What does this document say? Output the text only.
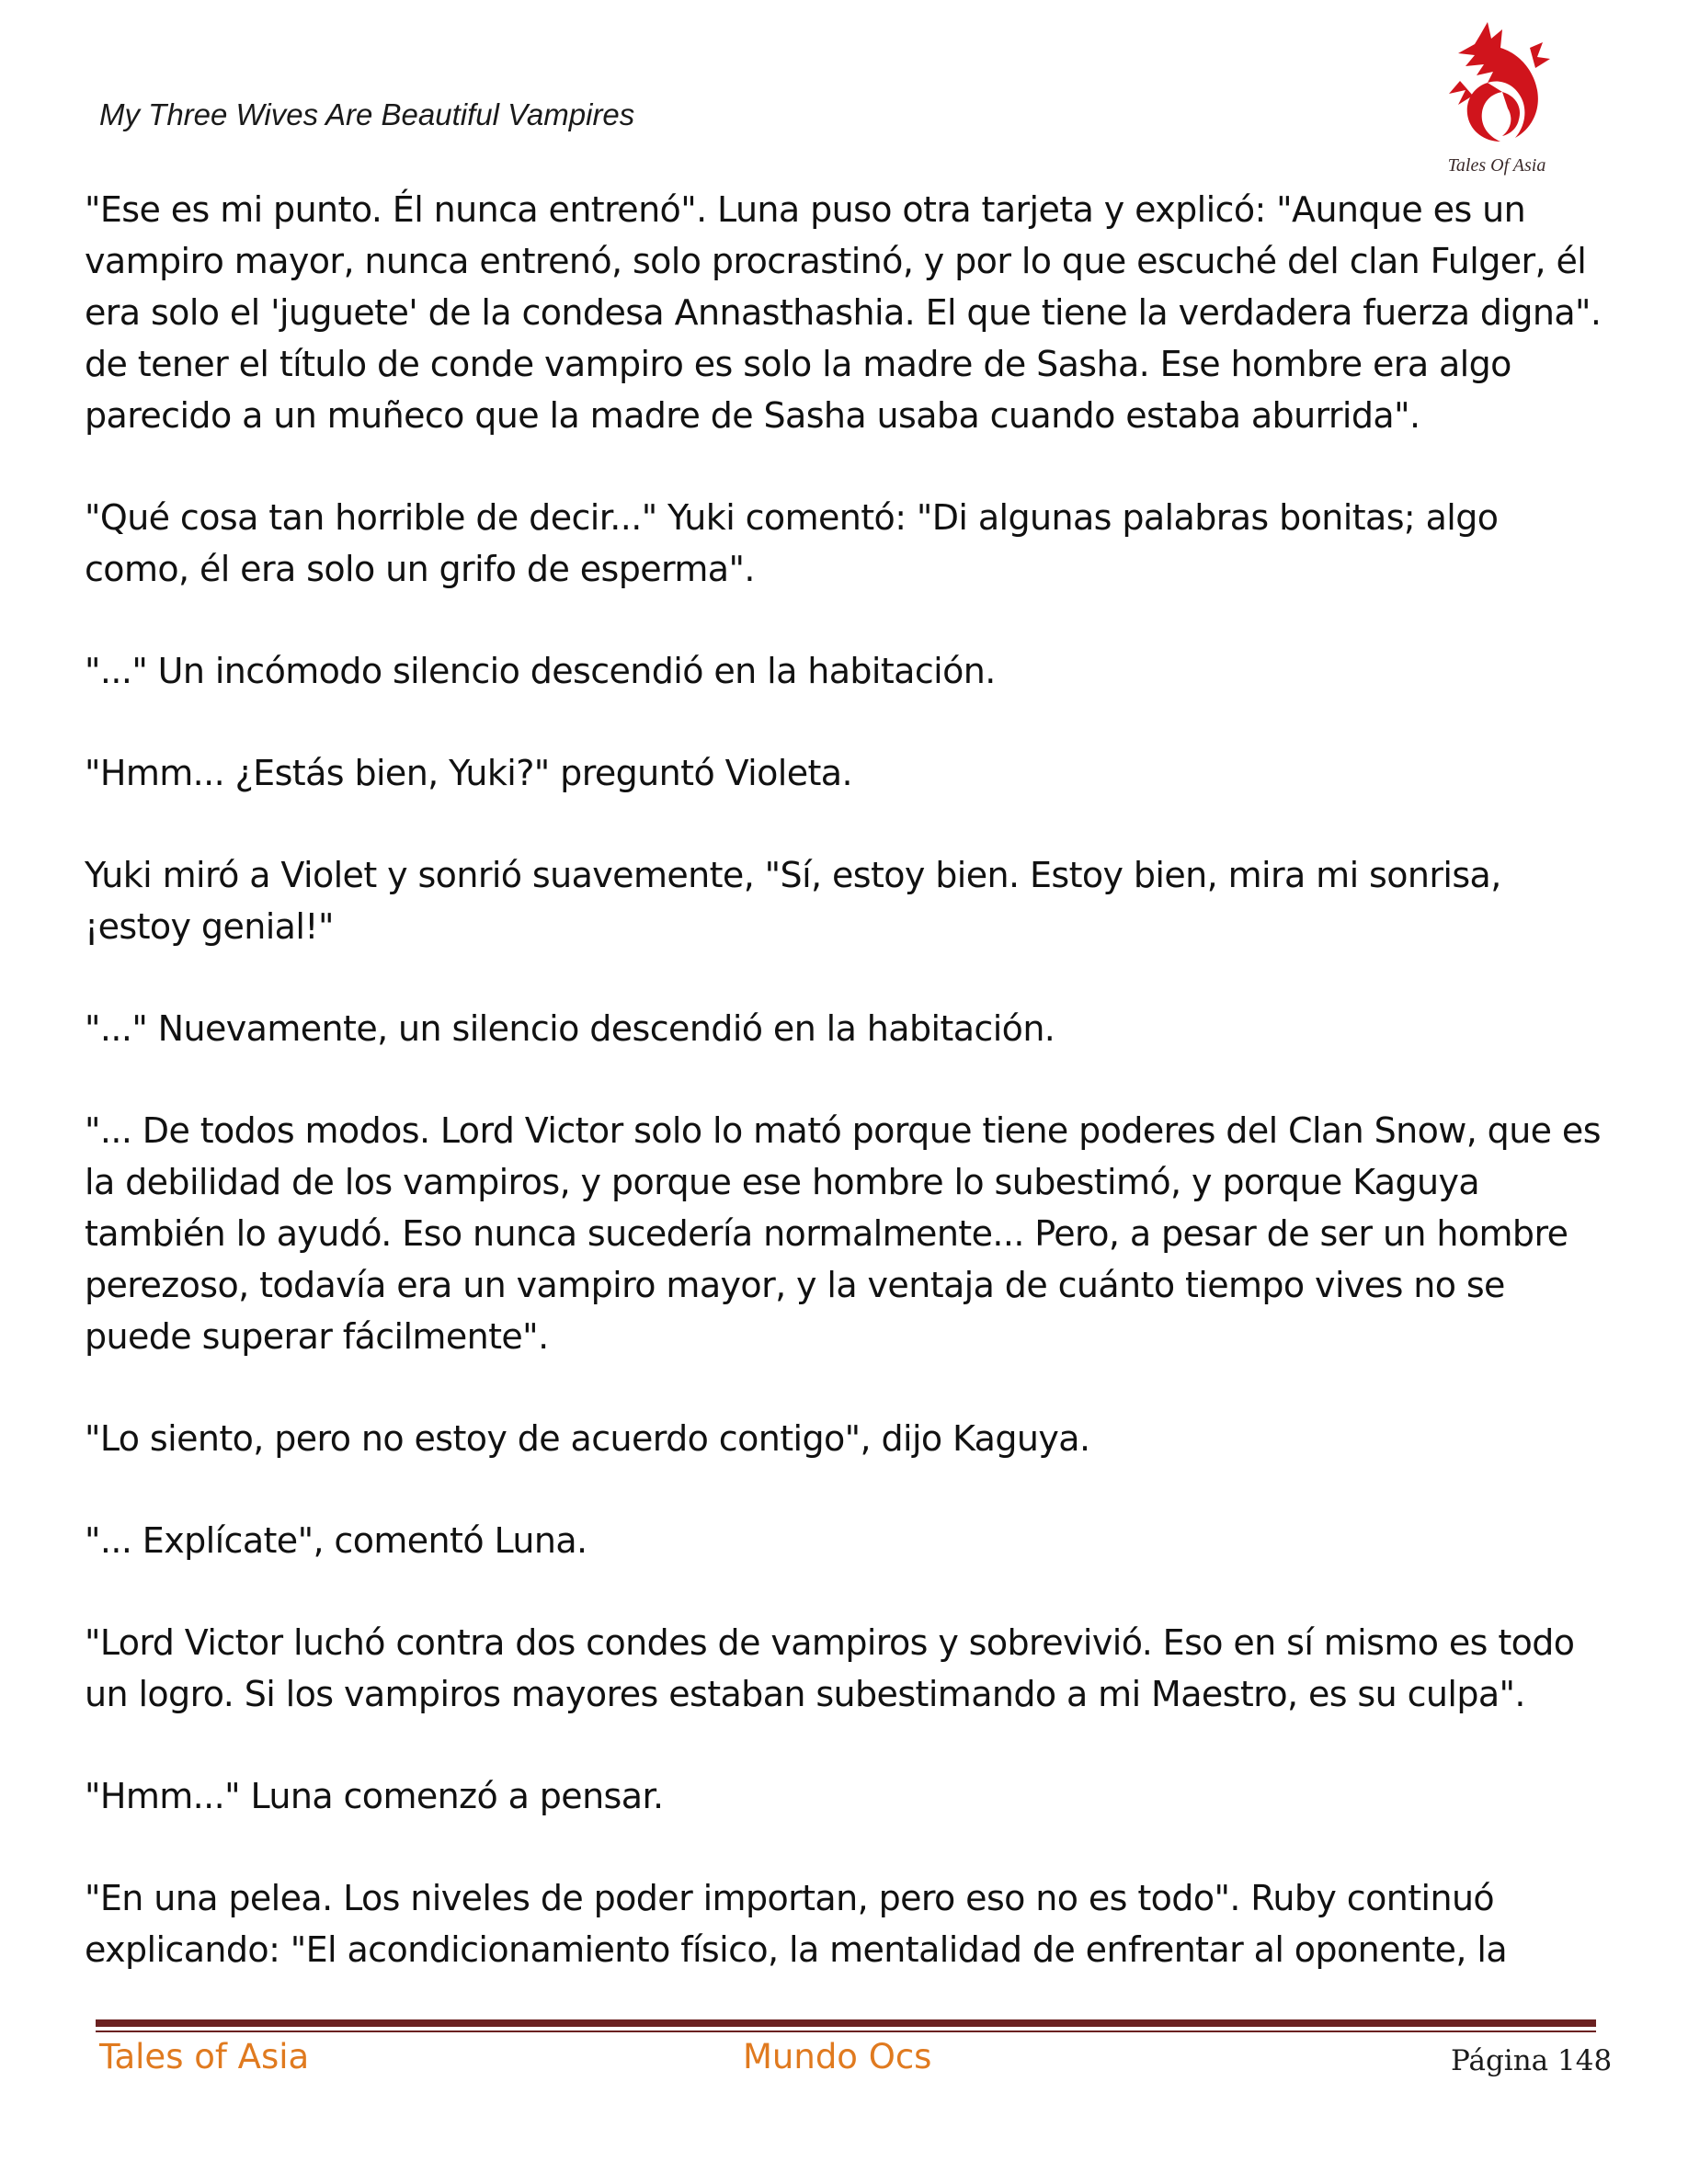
My Three Wives Are Beautiful Vampires
Tales Of Asia

"Ese es mi punto. Él nunca entrenó". Luna puso otra tarjeta y explicó: "Aunque es un vampiro mayor, nunca entrenó, solo procrastinó, y por lo que escuché del clan Fulger, él era solo el 'juguete' de la condesa Annasthashia. El que tiene la verdadera fuerza digna". de tener el título de conde vampiro es solo la madre de Sasha. Ese hombre era algo parecido a un muñeco que la madre de Sasha usaba cuando estaba aburrida".

"Qué cosa tan horrible de decir..." Yuki comentó: "Di algunas palabras bonitas; algo como, él era solo un grifo de esperma".

"..." Un incómodo silencio descendió en la habitación.

"Hmm... ¿Estás bien, Yuki?" preguntó Violeta.

Yuki miró a Violet y sonrió suavemente, "Sí, estoy bien. Estoy bien, mira mi sonrisa, ¡estoy genial!"

"..." Nuevamente, un silencio descendió en la habitación.

"... De todos modos. Lord Victor solo lo mató porque tiene poderes del Clan Snow, que es la debilidad de los vampiros, y porque ese hombre lo subestimó, y porque Kaguya también lo ayudó. Eso nunca sucedería normalmente... Pero, a pesar de ser un hombre perezoso, todavía era un vampiro mayor, y la ventaja de cuánto tiempo vives no se puede superar fácilmente".

"Lo siento, pero no estoy de acuerdo contigo", dijo Kaguya.

"... Explícate", comentó Luna.

"Lord Victor luchó contra dos condes de vampiros y sobrevivió. Eso en sí mismo es todo un logro. Si los vampiros mayores estaban subestimando a mi Maestro, es su culpa".

"Hmm..." Luna comenzó a pensar.

"En una pelea. Los niveles de poder importan, pero eso no es todo". Ruby continuó explicando: "El acondicionamiento físico, la mentalidad de enfrentar al oponente, la

Tales of Asia	Mundo Ocs	Página 148
